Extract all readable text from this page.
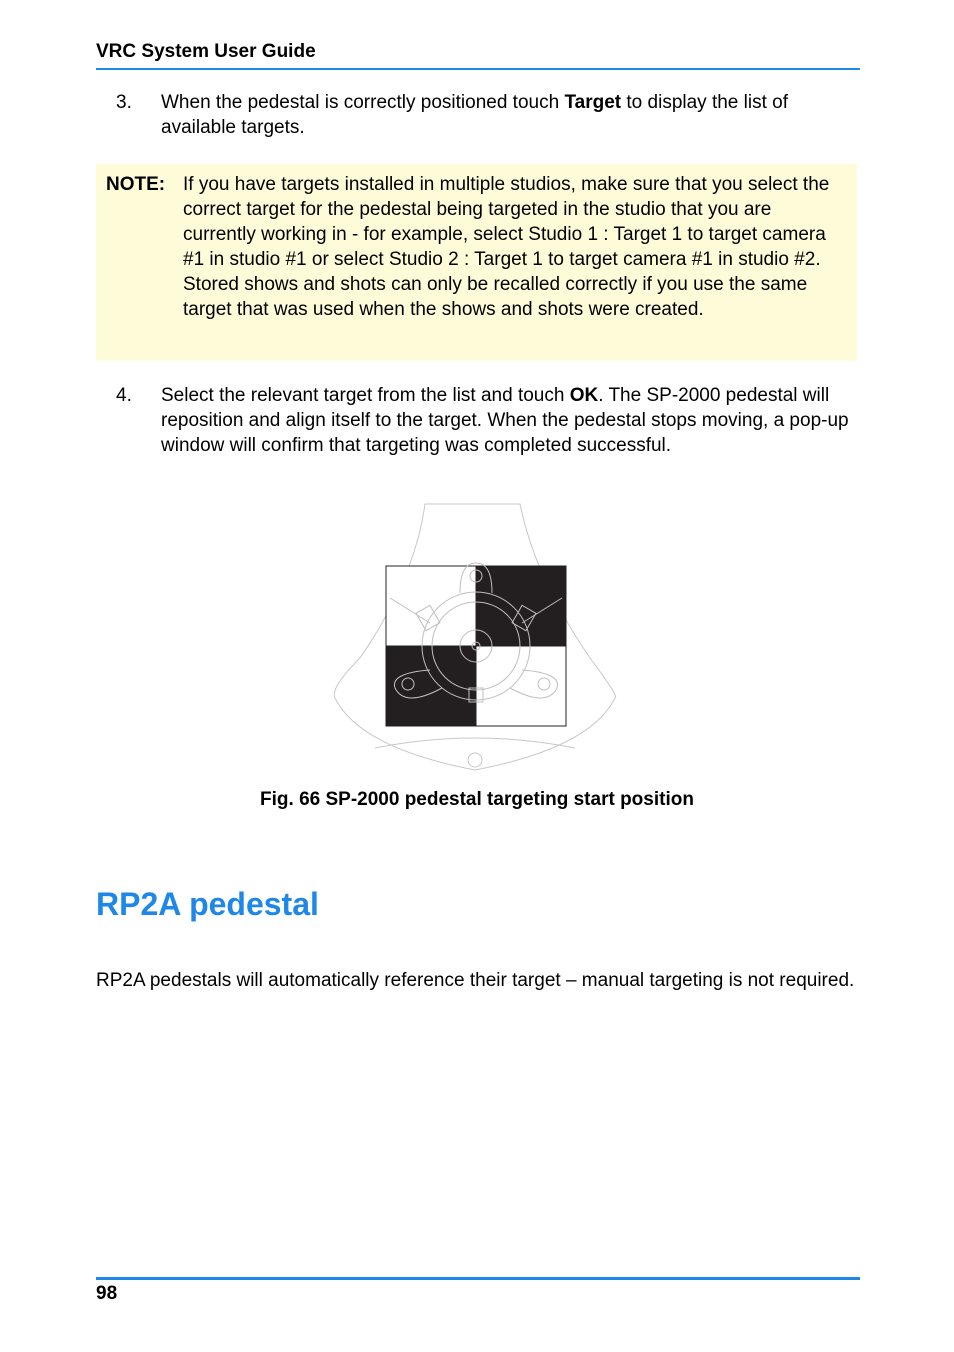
VRC System User Guide
3. When the pedestal is correctly positioned touch Target to display the list of available targets.
NOTE: If you have targets installed in multiple studios, make sure that you select the correct target for the pedestal being targeted in the studio that you are currently working in - for example, select Studio 1 : Target 1 to target camera #1 in studio #1 or select Studio 2 : Target 1 to target camera #1 in studio #2. Stored shows and shots can only be recalled correctly if you use the same target that was used when the shows and shots were created.
4. Select the relevant target from the list and touch OK. The SP-2000 pedestal will reposition and align itself to the target. When the pedestal stops moving, a pop-up window will confirm that targeting was completed successful.
Fig. 66 SP-2000 pedestal targeting start position
RP2A pedestal
RP2A pedestals will automatically reference their target – manual targeting is not required.
98
